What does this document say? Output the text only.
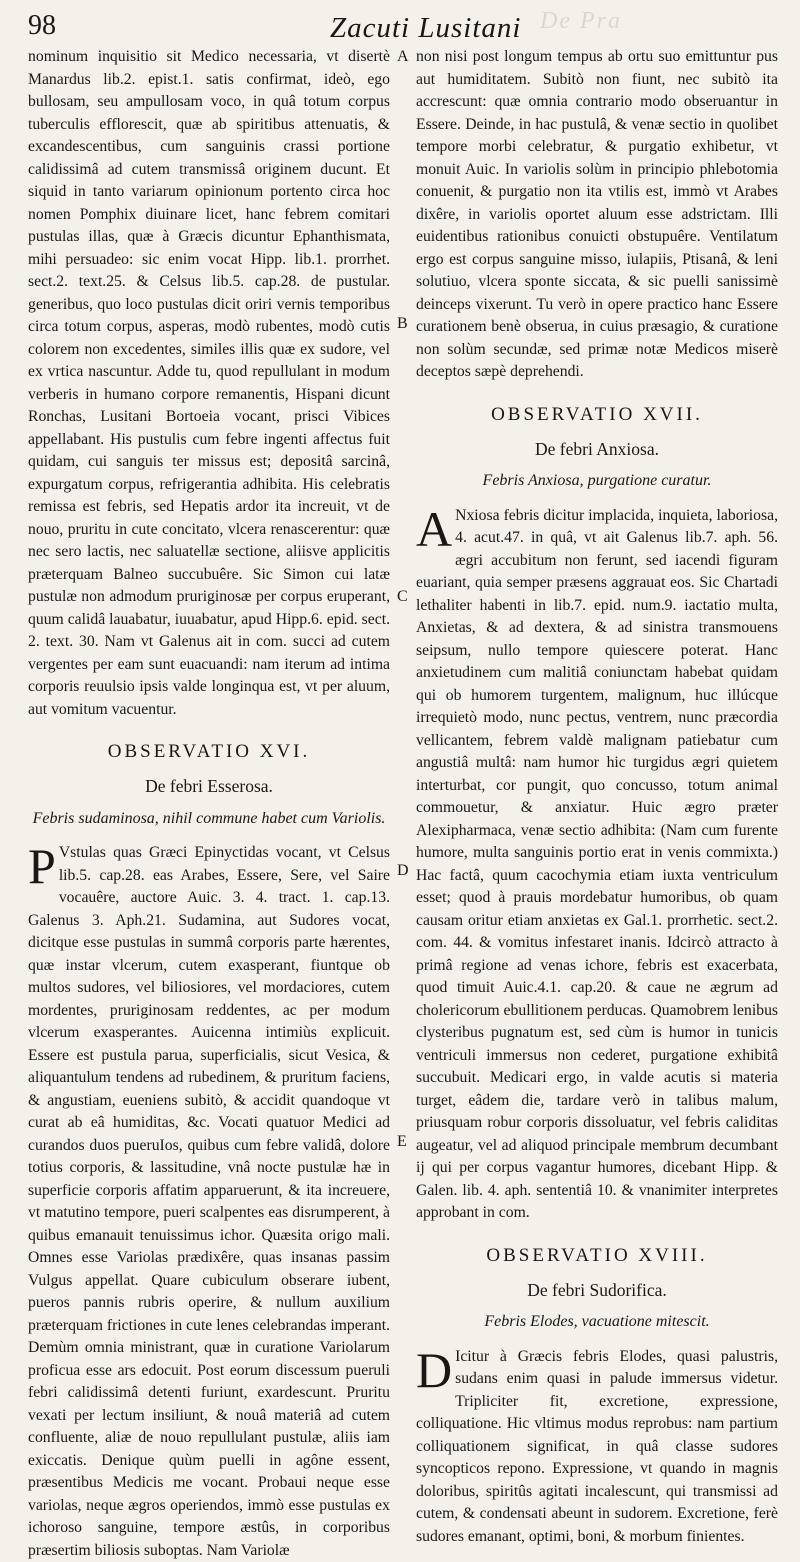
98	Zacuti Lusitani De Pra
A
B
C
D
E

nominum inquisitio sit Medico necessaria, vt disertè Manardus lib.2. epist.1. satis confirmat, ideò, ego bullosam, seu ampullosam voco, in quâ totum corpus tuberculis efflorescit, quæ ab spiritibus attenuatis, & excandescentibus, cum sanguinis crassi portione calidissimâ ad cutem transmissâ originem ducunt. Et siquid in tanto variarum opinionum portento circa hoc nomen Pomphix diuinare licet, hanc febrem comitari pustulas illas, quæ à Græcis dicuntur Ephanthismata, mihi persuadeo: sic enim vocat Hipp. lib.1. prorrhet. sect.2. text.25. & Celsus lib.5. cap.28. de pustular. generibus, quo loco pustulas dicit oriri vernis temporibus circa totum corpus, asperas, modò rubentes, modò cutis colorem non excedentes, similes illis quæ ex sudore, vel ex vrtica nascuntur. Adde tu, quod repullulant in modum verberis in humano corpore remanentis, Hispani dicunt Ronchas, Lusitani Bortoeia vocant, prisci Vibices appellabant. His pustulis cum febre ingenti affectus fuit quidam, cui sanguis ter missus est; depositâ sarcinâ, expurgatum corpus, refrigerantia adhibita. His celebratis remissa est febris, sed Hepatis ardor ita increuit, vt de nouo, pruritu in cute concitato, vlcera renascerentur: quæ nec sero lactis, nec saluatellæ sectione, aliisve applicitis præterquam Balneo succubuêre. Sic Simon cui latæ pustulæ non admodum pruriginosæ per corpus eruperant, quum calidâ lauabatur, iuuabatur, apud Hipp.6. epid. sect. 2. text. 30. Nam vt Galenus ait in com. succi ad cutem vergentes per eam sunt euacuandi: nam iterum ad intima corporis reuulsio ipsis valde longinqua est, vt per aluum, aut vomitum vacuentur.

OBSERVATIO XVI.
De febri Esserosa.
Febris sudaminosa, nihil commune habet cum Variolis.

P Vstulas quas Græci Epinyctidas vocant, vt Celsus lib.5. cap.28. eas Arabes, Essere, Sere, vel Saire vocauêre, auctore Auic. 3. 4. tract. 1. cap.13. Galenus 3. Aph.21. Sudamina, aut Sudores vocat, dicitque esse pustulas in summâ corporis parte hærentes, quæ instar vlcerum, cutem exasperant, fiuntque ob multos sudores, vel biliosiores, vel mordaciores, cutem mordentes, pruriginosam reddentes, ac per modum vlcerum exasperantes. Auicenna intimiùs explicuit. Essere est pustula parua, superficialis, sicut Vesica, & aliquantulum tendens ad rubedinem, & pruritum faciens, & angustiam, eueniens subitò, & accidit quandoque vt curat ab eâ humiditas, &c. Vocati quatuor Medici ad curandos duos pueruIos, quibus cum febre validâ, dolore totius corporis, & lassitudine, vnâ nocte pustulæ hæ in superficie corporis affatim apparuerunt, & ita increuere, vt matutino tempore, pueri scalpentes eas disrumperent, à quibus emanauit tenuissimus ichor. Quæsita origo mali. Omnes esse Variolas prædixêre, quas insanas passim Vulgus appellat. Quare cubiculum obserare iubent, pueros pannis rubris operire, & nullum auxilium præterquam frictiones in cute lenes celebrandas imperant. Demùm omnia ministrant, quæ in curatione Variolarum proficua esse ars edocuit. Post eorum discessum pueruli febri calidissimâ detenti furiunt, exardescunt. Pruritu vexati per lectum insiliunt, & nouâ materiâ ad cutem confluente, aliæ de nouo repullulant pustulæ, aliis iam exiccatis. Denique quùm puelli in agône essent, præsentibus Medicis me vocant. Probaui neque esse variolas, neque ægros operiendos, immò esse pustulas ex ichoroso sanguine, tempore æstûs, in corporibus præsertim biliosis suboptas. Nam Variolæ

non nisi post longum tempus ab ortu suo emittuntur pus aut humiditatem. Subitò non fiunt, nec subitò ita accrescunt: quæ omnia contrario modo obseruantur in Essere. Deinde, in hac pustulâ, & venæ sectio in quolibet tempore morbi celebratur, & purgatio exhibetur, vt monuit Auic. In variolis solùm in principio phlebotomia conuenit, & purgatio non ita vtilis est, immò vt Arabes dixêre, in variolis oportet aluum esse adstrictam. Illi euidentibus rationibus conuicti obstupuêre. Ventilatum ergo est corpus sanguine misso, iulapiis, Ptisanâ, & leni solutiuo, vlcera sponte siccata, & sic puelli sanissimè deinceps vixerunt. Tu verò in opere practico hanc Essere curationem benè obserua, in cuius præsagio, & curatione non solùm secundæ, sed primæ notæ Medicos miserè deceptos sæpè deprehendi.

OBSERVATIO XVII.
De febri Anxiosa.
Febris Anxiosa, purgatione curatur.

A Nxiosa febris dicitur implacida, inquieta, laboriosa, 4. acut.47. in quâ, vt ait Galenus lib.7. aph. 56. ægri accubitum non ferunt, sed iacendi figuram euariant, quia semper præsens aggrauat eos. Sic Chartadi lethaliter habenti in lib.7. epid. num.9. iactatio multa, Anxietas, & ad dextera, & ad sinistra transmouens seipsum, nullo tempore quiescere poterat. Hanc anxietudinem cum malitiâ coniunctam habebat quidam qui ob humorem turgentem, malignum, huc illúcque irrequietò modo, nunc pectus, ventrem, nunc præcordia vellicantem, febrem valdè malignam patiebatur cum angustiâ multâ: nam humor hic turgidus ægri quietem interturbat, cor pungit, quo concusso, totum animal commouetur, & anxiatur. Huic ægro præter Alexipharmaca, venæ sectio adhibita: (Nam cum furente humore, multa sanguinis portio erat in venis commixta.) Hac factâ, quum cacochymia etiam iuxta ventriculum esset; quod à prauis mordebatur humoribus, ob quam causam oritur etiam anxietas ex Gal.1. prorrhetic. sect.2. com. 44. & vomitus infestaret inanis. Idcircò attracto à primâ regione ad venas ichore, febris est exacerbata, quod timuit Auic.4.1. cap.20. & caue ne ægrum ad cholericorum ebullitionem perducas. Quamobrem lenibus clysteribus pugnatum est, sed cùm is humor in tunicis ventriculi immersus non cederet, purgatione exhibitâ succubuit. Medicari ergo, in valde acutis si materia turget, eâdem die, tardare verò in talibus malum, priusquam robur corporis dissoluatur, vel febris caliditas augeatur, vel ad aliquod principale membrum decumbant ij qui per corpus vagantur humores, dicebant Hipp. & Galen. lib. 4. aph. sententiâ 10. & vnanimiter interpretes approbant in com.

OBSERVATIO XVIII.
De febri Sudorifica.
Febris Elodes, vacuatione mitescit.

D Icitur à Græcis febris Elodes, quasi palustris, sudans enim quasi in palude immersus videtur. Tripliciter fit, excretione, expressione, colliquatione. Hic vltimus modus reprobus: nam partium colliquationem significat, in quâ classe sudores syncopticos repono. Expressione, vt quando in magnis doloribus, spiritûs agitati incalescunt, qui transmissi ad cutem, & condensati abeunt in sudorem. Excretione, ferè sudores emanant, optimi, boni, & morbum finientes.
